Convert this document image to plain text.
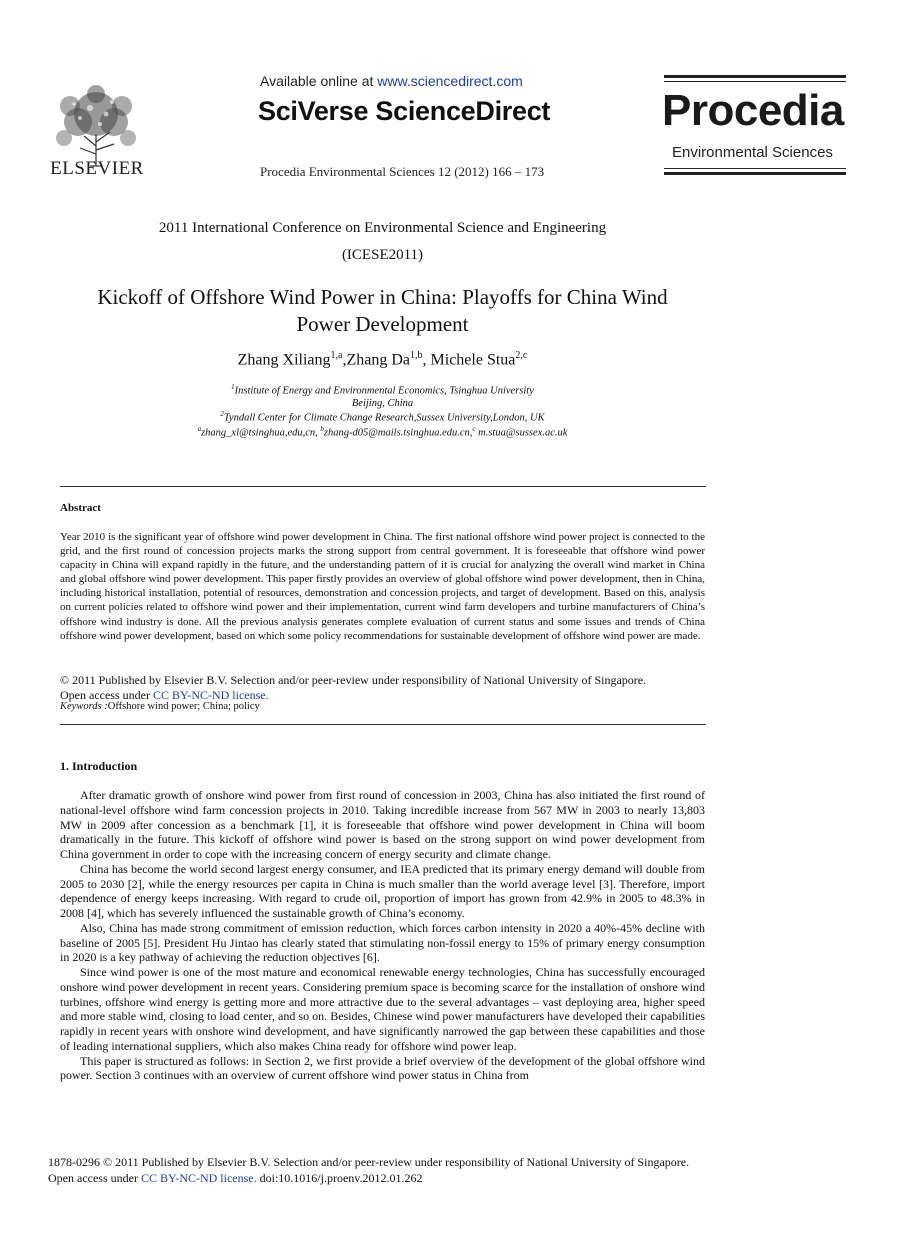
ELSEVIER
Available online at www.sciencedirect.com
SciVerse ScienceDirect
Procedia Environmental Sciences 12 (2012) 166 – 173
Procedia
Environmental Sciences
2011 International Conference on Environmental Science and Engineering
(ICESE2011)
Kickoff of Offshore Wind Power in China: Playoffs for China Wind
Power Development
Zhang Xiliang$^{1,a}$,Zhang Da$^{1,b}$, Michele Stua$^{2,c}$
$^1$Institute of Energy and Environmental Economics, Tsinghua University
Beijing, China
$^2$Tyndall Center for Climate Change Research,Sussex University,London, UK
$^a$zhang_xl@tsinghua,edu,cn, $^b$zhang-d05@mails.tsinghua.edu.cn,$^c$ m.stua@sussex.ac.uk
Abstract
Year 2010 is the significant year of offshore wind power development in China. The first national offshore wind power project is connected to the grid, and the first round of concession projects marks the strong support from central government. It is foreseeable that offshore wind power capacity in China will expand rapidly in the future, and the understanding pattern of it is crucial for analyzing the overall wind market in China and global offshore wind power development. This paper firstly provides an overview of global offshore wind power development, then in China, including historical installation, potential of resources, demonstration and concession projects, and target of development. Based on this, analysis on current policies related to offshore wind power and their implementation, current wind farm developers and turbine manufacturers of China’s offshore wind industry is done. All the previous analysis generates complete evaluation of current status and some issues and trends of China offshore wind power development, based on which some policy recommendations for sustainable development of offshore wind power are made.
© 2011 Published by Elsevier B.V. Selection and/or peer-review under responsibility of National University of Singapore.
Open access under CC BY-NC-ND license.
Keywords :Offshore wind power; China; policy
1. Introduction

After dramatic growth of onshore wind power from first round of concession in 2003, China has also initiated the first round of national-level offshore wind farm concession projects in 2010. Taking incredible increase from 567 MW in 2003 to nearly 13,803 MW in 2009 after concession as a benchmark [1], it is foreseeable that offshore wind power development in China will boom dramatically in the future. This kickoff of offshore wind power is based on the strong support on wind power development from China government in order to cope with the increasing concern of energy security and climate change.

China has become the world second largest energy consumer, and IEA predicted that its primary energy demand will double from 2005 to 2030 [2], while the energy resources per capita in China is much smaller than the world average level [3]. Therefore, import dependence of energy keeps increasing. With regard to crude oil, proportion of import has grown from 42.9% in 2005 to 48.3% in 2008 [4], which has severely influenced the sustainable growth of China’s economy.

Also, China has made strong commitment of emission reduction, which forces carbon intensity in 2020 a 40%-45% decline with baseline of 2005 [5]. President Hu Jintao has clearly stated that stimulating non-fossil energy to 15% of primary energy consumption in 2020 is a key pathway of achieving the reduction objectives [6].

Since wind power is one of the most mature and economical renewable energy technologies, China has successfully encouraged onshore wind power development in recent years. Considering premium space is becoming scarce for the installation of onshore wind turbines, offshore wind energy is getting more and more attractive due to the several advantages – vast deploying area, higher speed and more stable wind, closing to load center, and so on. Besides, Chinese wind power manufacturers have developed their capabilities rapidly in recent years with onshore wind development, and have significantly narrowed the gap between these capabilities and those of leading international suppliers, which also makes China ready for offshore wind power leap.

This paper is structured as follows: in Section 2, we first provide a brief overview of the development of the global offshore wind power. Section 3 continues with an overview of current offshore wind power status in China from

1878-0296 © 2011 Published by Elsevier B.V. Selection and/or peer-review under responsibility of National University of Singapore.
Open access under CC BY-NC-ND license. doi:10.1016/j.proenv.2012.01.262
